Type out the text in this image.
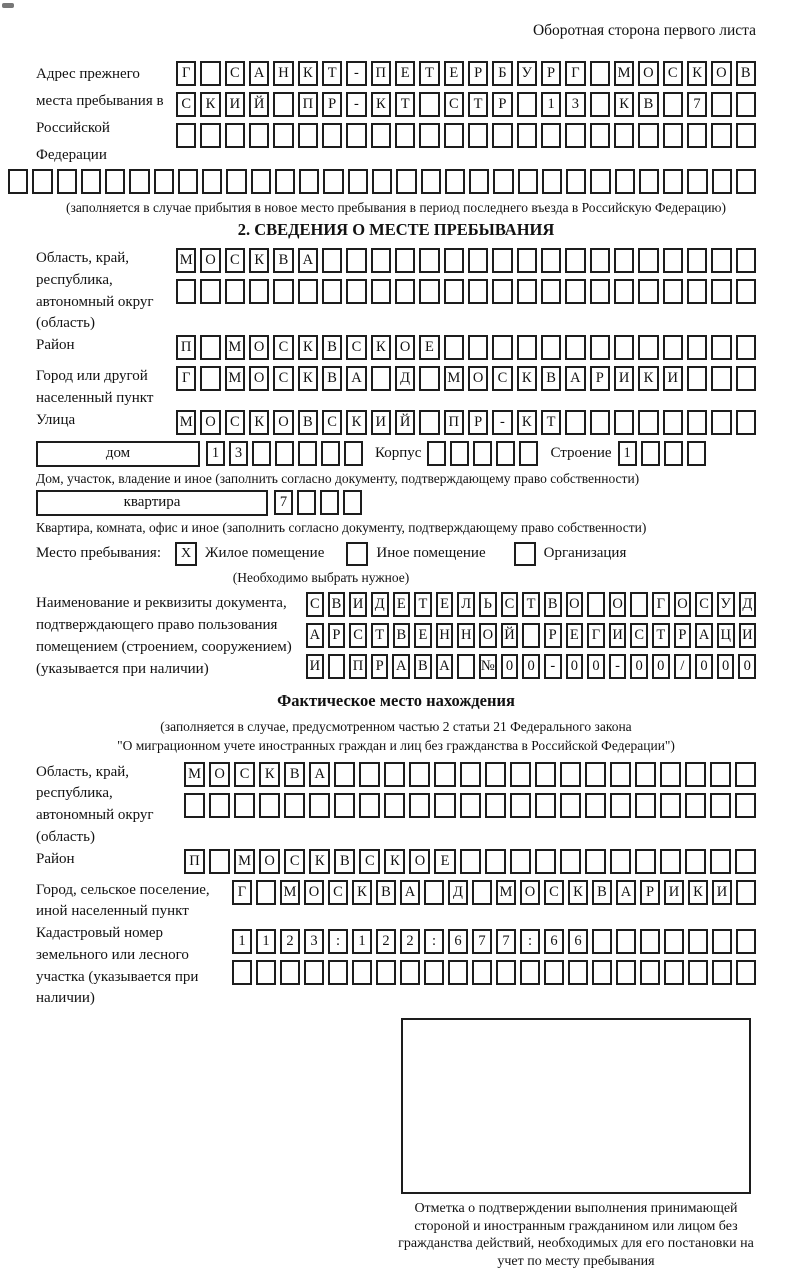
Оборотная сторона первого листа
Адрес прежнего места пребывания в Российской Федерации
Г	С А Н К	Т	-	П	Е	Т	Е	Р	Б	У	Р	Г	М О С	К О В
С	К И Й	П	Р	-	К	Т	С	Т	Р	1	3	К	В	7
(заполняется в случае прибытия в новое место пребывания в период последнего въезда в Российскую Федерацию)
2. СВЕДЕНИЯ О МЕСТЕ ПРЕБЫВАНИЯ
Область, край, республика, автономный округ (область)
М О С	К	В А
Район	П	М О С	К	В	С	К О	Е
Город или другой населенный пункт
Г	М О С	К	В А	Д	М О С	К	В А	Р	И К И
Улица	М О С	К О В	С	К И Й	П	Р	-	К	Т
дом	1	3	Корпус	Строение 1
Дом, участок, владение и иное (заполнить согласно документу, подтверждающему право собственности)
квартира	7
Квартира, комната, офис и иное (заполнить согласно документу, подтверждающему право собственности)
Место пребывания:	X Жилое помещение	Иное помещение	Организация
(Необходимо выбрать нужное)
Наименование и реквизиты документа, подтверждающего право пользования помещением (строением, сооружением) (указывается при наличии)
С В И Д Е Т Е Л Ь С Т В О О	Г О С У Д
А Р С Т В Е Н Н О Й	Р Е Г И С Т Р А Ц И
И П Р А В А № 0 0	-	0 0	-	0 0	/	0 0 0
Фактическое место нахождения
(заполняется в случае, предусмотренном частью 2 статьи 21 Федерального закона
"О миграционном учете иностранных граждан и лиц без гражданства в Российской Федерации")
Область, край, республика, автономный округ (область)
М О	С	К	В	А
Район	П	М О	С	К	В	С	К	О	Е
Город, сельское поселение, иной населенный пункт
Г	М О С К В А	Д	М О С К В А	Р	И К И
Кадастровый номер земельного или лесного участка (указывается при наличии)
1	1	2	3	:	1	2	2	:	6	7	7	:	6	6
Отметка о подтверждении выполнения принимающей стороной и иностранным гражданином или лицом без гражданства действий, необходимых для его постановки на учет по месту пребывания
